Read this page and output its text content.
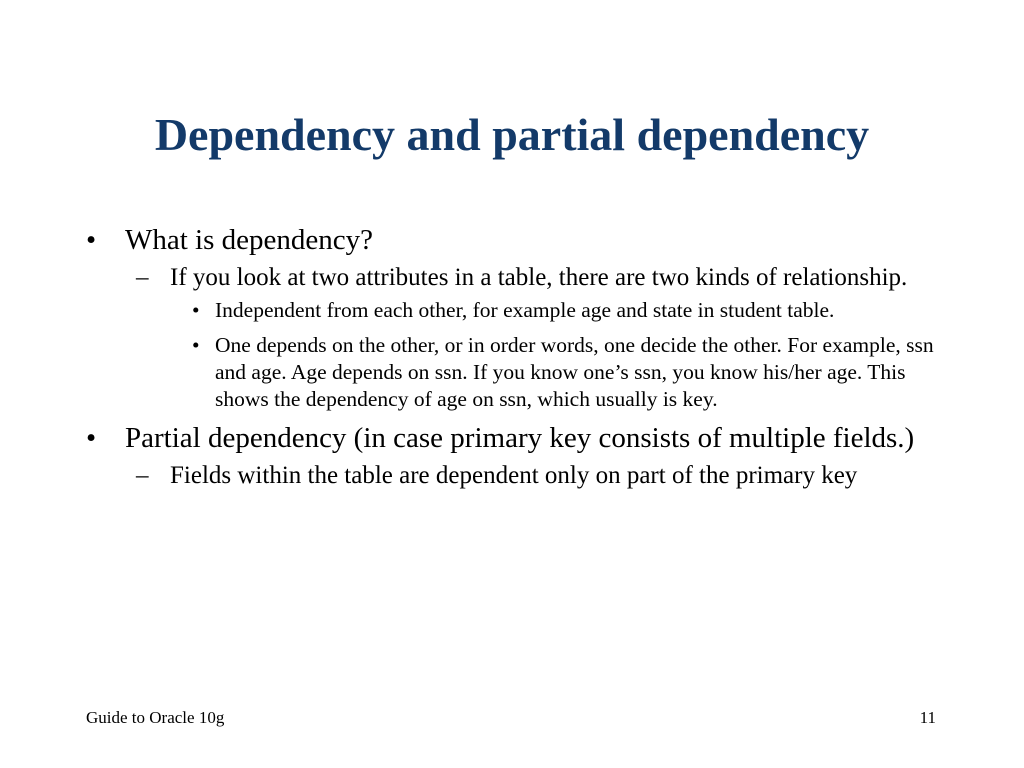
Dependency and partial dependency
• What is dependency?
– If you look at two attributes in a table, there are two kinds of relationship.
• Independent from each other, for example age and state in student table.
• One depends on the other, or in order words, one decide the other. For example, ssn and age. Age depends on ssn. If you know one’s ssn, you know his/her age. This shows the dependency of age on ssn, which usually is key.
• Partial dependency (in case primary key consists of multiple fields.)
– Fields within the table are dependent only on part of the primary key
Guide to Oracle 10g	11
